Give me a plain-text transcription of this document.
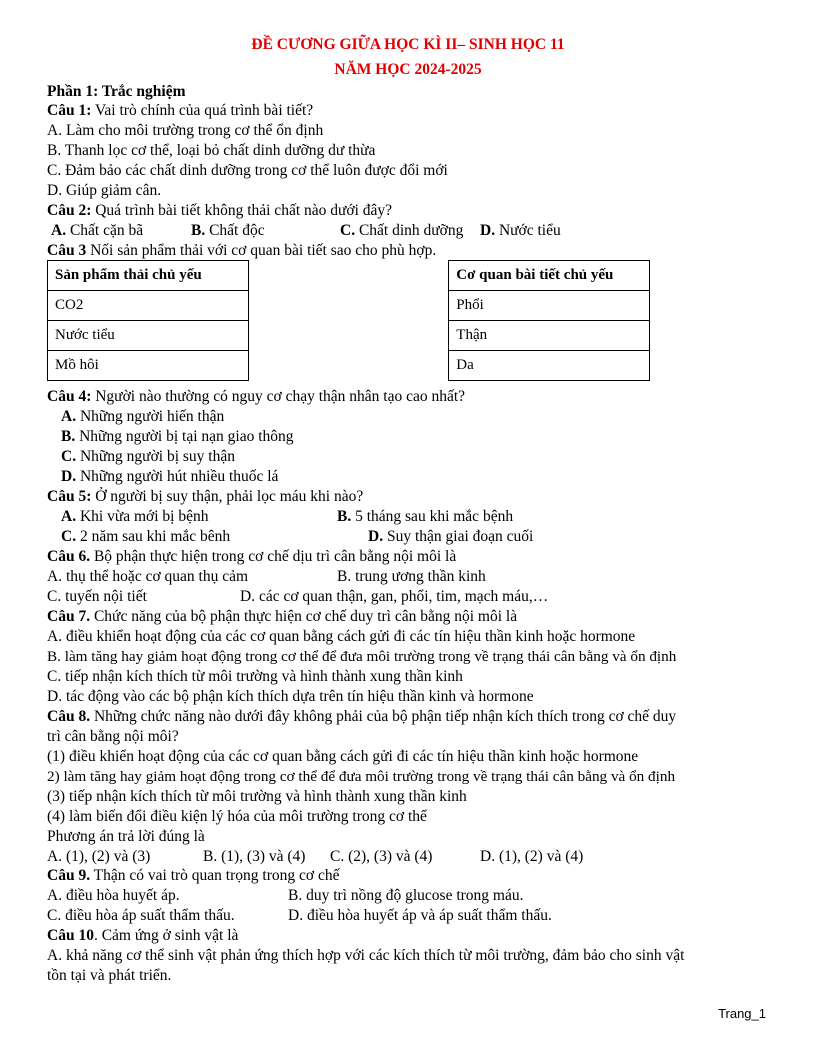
ĐỀ CƯƠNG GIỮA HỌC KÌ II– SINH HỌC 11
NĂM HỌC 2024-2025
Phần 1: Trắc nghiệm
Câu 1: Vai trò chính của quá trình bài tiết?
A. Làm cho môi trường trong cơ thể ổn định
B. Thanh lọc cơ thể, loại bỏ chất dinh dưỡng dư thừa
C. Đảm bảo các chất dinh dưỡng trong cơ thể luôn được đổi mới
D. Giúp giảm cân.
Câu 2: Quá trình bài tiết không thải chất nào dưới đây?
A. Chất cặn bã	B. Chất độc	C. Chất dinh dưỡng D. Nước tiểu
Câu 3 Nối sản phẩm thải với cơ quan bài tiết sao cho phù hợp.
Sản phẩm thải chủ yếu		Cơ quan bài tiết chủ yếu
CO2		Phổi
Nước tiểu		Thận
Mồ hôi		Da
Câu 4: Người nào thường có nguy cơ chạy thận nhân tạo cao nhất?
A. Những người hiến thận
B. Những người bị tại nạn giao thông
C. Những người bị suy thận
D. Những người hút nhiều thuốc lá
Câu 5: Ở người bị suy thận, phải lọc máu khi nào?
A. Khi vừa mới bị bệnh	B. 5 tháng sau khi mắc bệnh
C. 2 năm sau khi mắc bênh	D. Suy thận giai đoạn cuối
Câu 6. Bộ phận thực hiện trong cơ chế dịu trì cân bằng nội môi là
A. thụ thể hoặc cơ quan thụ cảm	B. trung ương thần kinh
C. tuyến nội tiết	D. các cơ quan thận, gan, phổi, tim, mạch máu,…
Câu 7. Chức năng của bộ phận thực hiện cơ chế duy trì cân bằng nội môi là
A. điều khiển hoạt động của các cơ quan bằng cách gửi đi các tín hiệu thần kinh hoặc hormone
B. làm tăng hay giảm hoạt động trong cơ thể để đưa môi trường trong về trạng thái cân bằng và ổn định
C. tiếp nhận kích thích từ môi trường và hình thành xung thần kinh
D. tác động vào các bộ phận kích thích dựa trên tín hiệu thần kinh và hormone
Câu 8. Những chức năng nào dưới đây không phải của bộ phận tiếp nhận kích thích trong cơ chế duy
trì cân bằng nội môi?
(1) điều khiển hoạt động của các cơ quan bằng cách gửi đi các tín hiệu thần kinh hoặc hormone
2) làm tăng hay giảm hoạt động trong cơ thể để đưa môi trường trong về trạng thái cân bằng và ổn định
(3) tiếp nhận kích thích từ môi trường và hình thành xung thần kinh
(4) làm biến đổi điều kiện lý hóa của môi trường trong cơ thể
Phương án trả lời đúng là
A. (1), (2) và (3)	B. (1), (3) và (4) C. (2), (3) và (4)	D. (1), (2) và (4)
Câu 9. Thận có vai trò quan trọng trong cơ chế
A. điều hòa huyết áp.	B. duy trì nồng độ glucose trong máu.
C. điều hòa áp suất thẩm thấu.	D. điều hòa huyết áp và áp suất thẩm thấu.
Câu 10. Cảm ứng ở sinh vật là
A. khả năng cơ thể sinh vật phản ứng thích hợp với các kích thích từ môi trường, đảm bảo cho sinh vật
tồn tại và phát triển.
Trang_1
